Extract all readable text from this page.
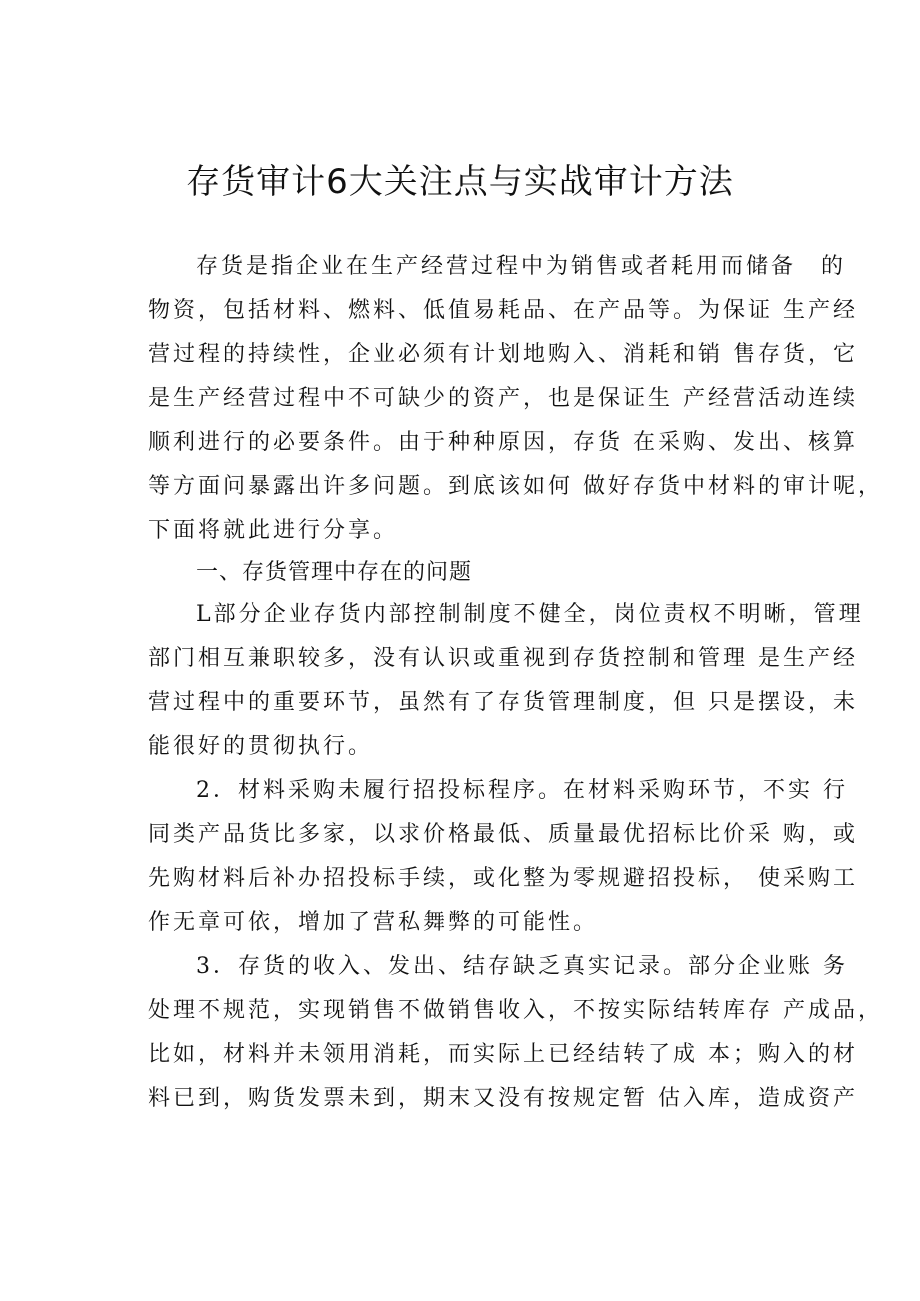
存货审计6大关注点与实战审计方法
存货是指企业在生产经营过程中为销售或者耗用而储备　的
物资，包括材料、燃料、低值易耗品、在产品等。为保证 生产经
营过程的持续性，企业必须有计划地购入、消耗和销 售存货，它
是生产经营过程中不可缺少的资产，也是保证生 产经营活动连续
顺利进行的必要条件。由于种种原因，存货 在采购、发出、核算
等方面问暴露出许多问题。到底该如何 做好存货中材料的审计呢，
下面将就此进行分享。
一、存货管理中存在的问题
L部分企业存货内部控制制度不健全，岗位责权不明晰，管理
部门相互兼职较多，没有认识或重视到存货控制和管理 是生产经
营过程中的重要环节，虽然有了存货管理制度，但 只是摆设，未
能很好的贯彻执行。
2．材料采购未履行招投标程序。在材料采购环节，不实 行
同类产品货比多家，以求价格最低、质量最优招标比价采 购，或
先购材料后补办招投标手续，或化整为零规避招投标， 使采购工
作无章可依，增加了营私舞弊的可能性。
3．存货的收入、发出、结存缺乏真实记录。部分企业账 务
处理不规范，实现销售不做销售收入，不按实际结转库存 产成品，
比如，材料并未领用消耗，而实际上已经结转了成 本；购入的材
料已到，购货发票未到，期末又没有按规定暂 估入库，造成资产
